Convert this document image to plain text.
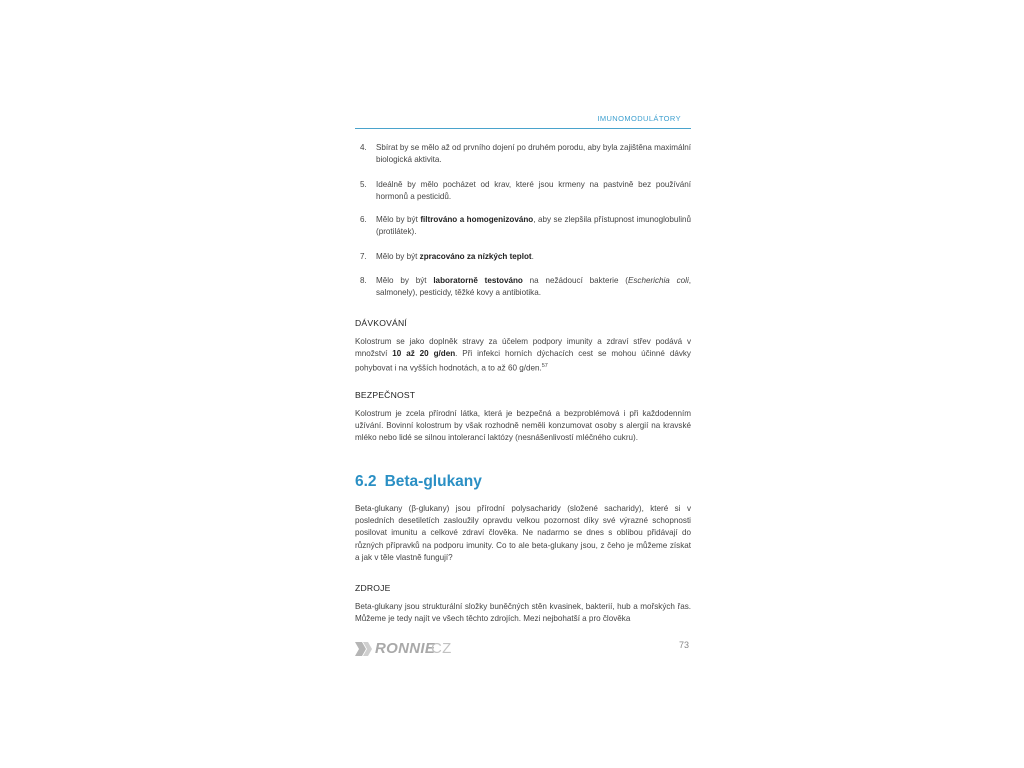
IMUNOMODULÁTORY
4.	Sbírat by se mělo až od prvního dojení po druhém porodu, aby byla zajištěna maximální biologická aktivita.
5.	Ideálně by mělo pocházet od krav, které jsou krmeny na pastvině bez používání hormonů a pesticidů.
6.	Mělo by být filtrováno a homogenizováno, aby se zlepšila přístupnost imunoglobulinů (protilátek).
7.	Mělo by být zpracováno za nízkých teplot.
8.	Mělo by být laboratorně testováno na nežádoucí bakterie (Escherichia coli, salmonely), pesticidy, těžké kovy a antibiotika.
DÁVKOVÁNÍ
Kolostrum se jako doplněk stravy za účelem podpory imunity a zdraví střev podává v množství 10 až 20 g/den. Při infekci horních dýchacích cest se mohou účinné dávky pohybovat i na vyšších hodnotách, a to až 60 g/den.$^{57}$
BEZPEČNOST
Kolostrum je zcela přírodní látka, která je bezpečná a bezproblémová i při každodenním užívání. Bovinní kolostrum by však rozhodně neměli konzumovat osoby s alergií na kravské mléko nebo lidé se silnou intolerancí laktózy (nesnášenlivostí mléčného cukru).
6.2 Beta-glukany
Beta-glukany (β-glukany) jsou přírodní polysacharidy (složené sacharidy), které si v posledních desetiletích zasloužily opravdu velkou pozornost díky své výrazné schopnosti posilovat imunitu a celkové zdraví člověka. Ne nadarmo se dnes s oblibou přidávají do různých přípravků na podporu imunity. Co to ale beta-glukany jsou, z čeho je můžeme získat a jak v těle vlastně fungují?
ZDROJE
Beta-glukany jsou strukturální složky buněčných stěn kvasinek, bakterií, hub a mořských řas. Můžeme je tedy najít ve všech těchto zdrojích. Mezi nejbohatší a pro člověka
RONNIE
CZ	73
